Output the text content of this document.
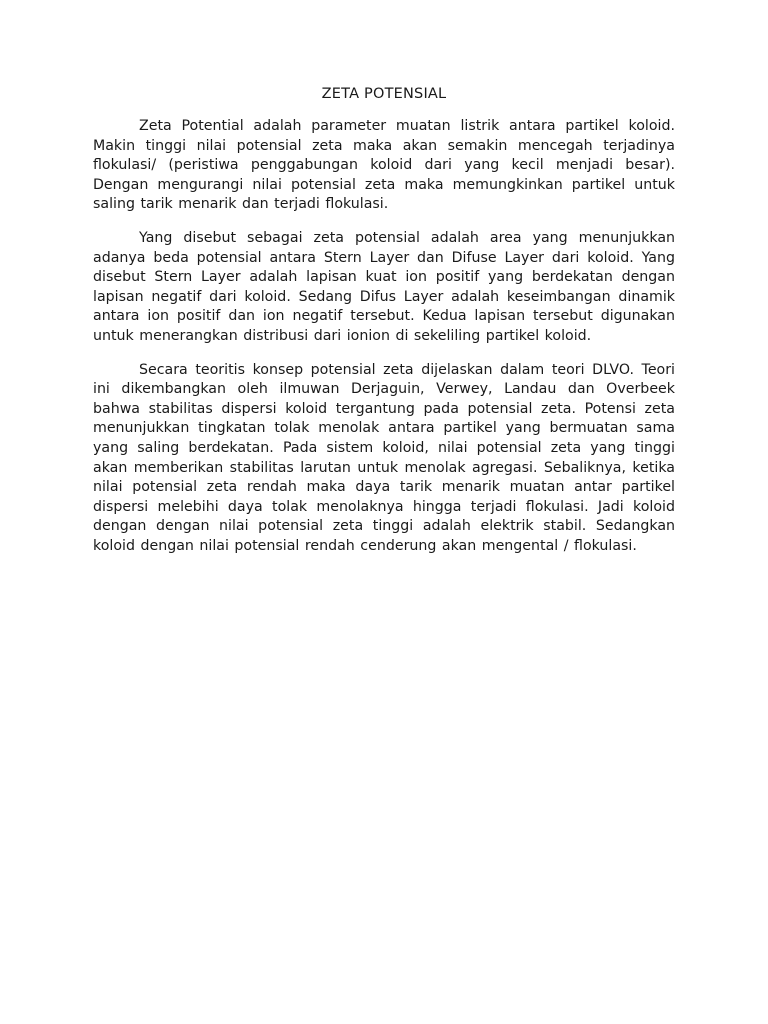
ZETA POTENSIAL

Zeta Potential adalah parameter muatan listrik antara partikel koloid. Makin tinggi nilai potensial zeta maka akan semakin mencegah terjadinya flokulasi/ (peristiwa penggabungan koloid dari yang kecil menjadi besar). Dengan mengurangi nilai potensial zeta maka memungkinkan partikel untuk saling tarik menarik dan terjadi flokulasi.

Yang disebut sebagai zeta potensial adalah area yang menunjukkan adanya beda potensial antara Stern Layer dan Difuse Layer dari koloid. Yang disebut Stern Layer adalah lapisan kuat ion positif yang berdekatan dengan lapisan negatif dari koloid. Sedang Difus Layer adalah keseimbangan dinamik antara ion positif dan ion negatif tersebut. Kedua lapisan tersebut digunakan untuk menerangkan distribusi dari ionion di sekeliling partikel koloid.

Secara teoritis konsep potensial zeta dijelaskan dalam teori DLVO. Teori ini dikembangkan oleh ilmuwan Derjaguin, Verwey, Landau dan Overbeek bahwa stabilitas dispersi koloid tergantung pada potensial zeta. Potensi zeta menunjukkan tingkatan tolak menolak antara partikel yang bermuatan sama yang saling berdekatan. Pada sistem koloid, nilai potensial zeta yang tinggi akan memberikan stabilitas larutan untuk menolak agregasi. Sebaliknya, ketika nilai potensial zeta rendah maka daya tarik menarik muatan antar partikel dispersi melebihi daya tolak menolaknya hingga terjadi flokulasi. Jadi koloid dengan dengan nilai potensial zeta tinggi adalah elektrik stabil. Sedangkan koloid dengan nilai potensial rendah cenderung akan mengental / flokulasi.
